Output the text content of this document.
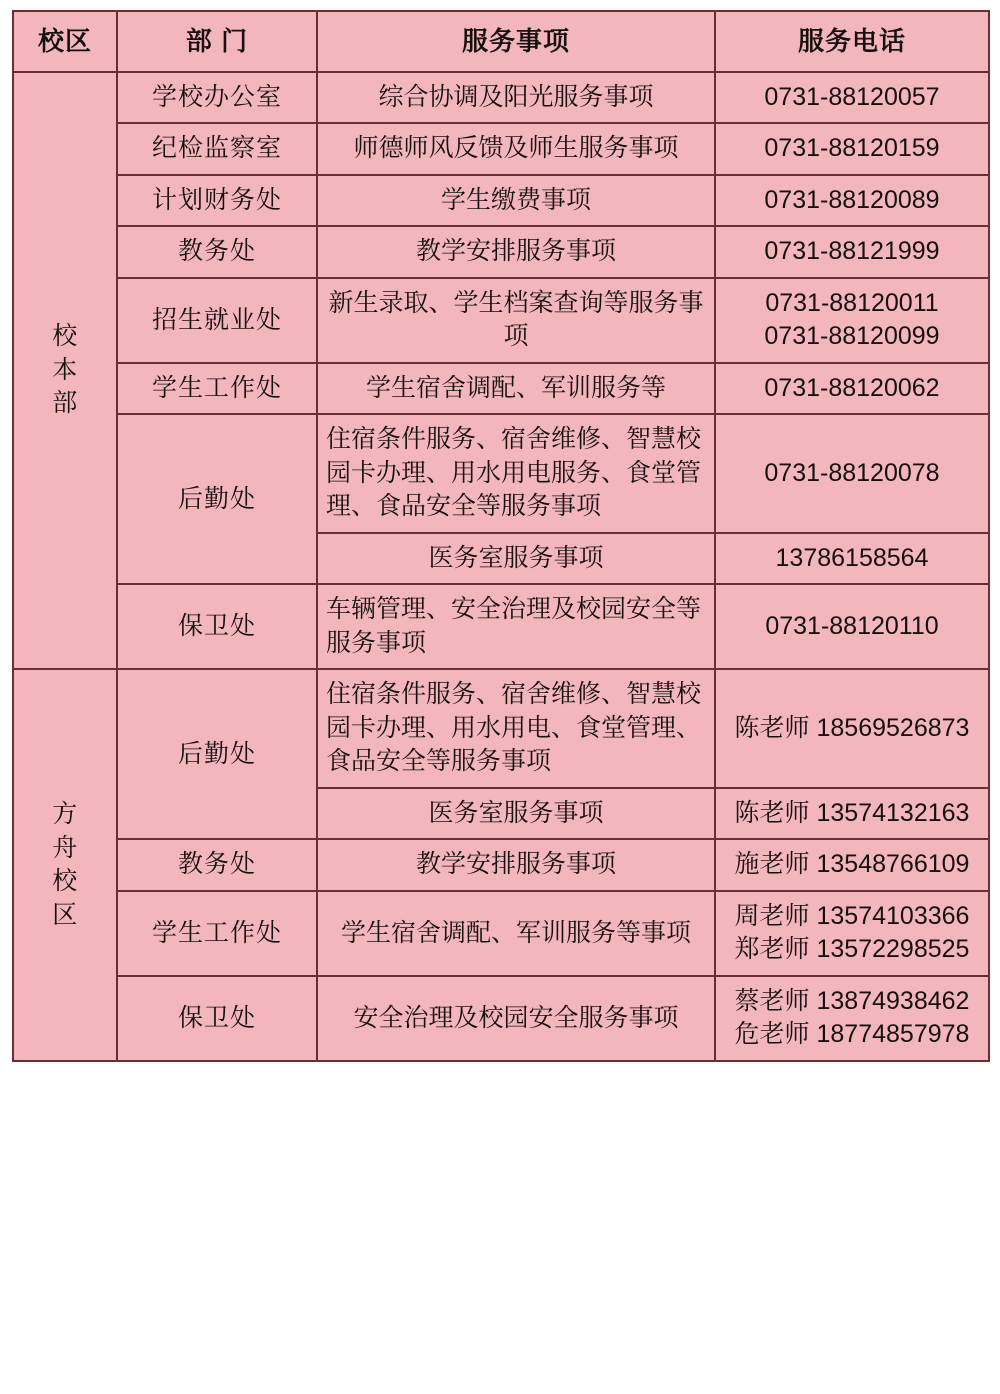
校区	部 门	服务事项	服务电话

校
本
部	学校办公室	综合协调及阳光服务事项	0731-88120057

	纪检监察室	师德师风反馈及师生服务事项	0731-88120159

	计划财务处	学生缴费事项	0731-88120089

	教务处	教学安排服务事项	0731-88121999

	招生就业处	新生录取、学生档案查询等服务事项	0731-88120011
0731-88120099

	学生工作处	学生宿舍调配、军训服务等	0731-88120062

	后勤处	住宿条件服务、宿舍维修、智慧校园卡办理、用水用电服务、食堂管理、食品安全等服务事项	0731-88120078

		医务室服务事项	13786158564

	保卫处	车辆管理、安全治理及校园安全等服务事项	0731-88120110

方
舟
校
区	后勤处	住宿条件服务、宿舍维修、智慧校园卡办理、用水用电、食堂管理、食品安全等服务事项	陈老师 18569526873

		医务室服务事项	陈老师 13574132163

	教务处	教学安排服务事项	施老师 13548766109

	学生工作处	学生宿舍调配、军训服务等事项	周老师 13574103366
郑老师 13572298525

	保卫处	安全治理及校园安全服务事项	蔡老师 13874938462
危老师 18774857978
